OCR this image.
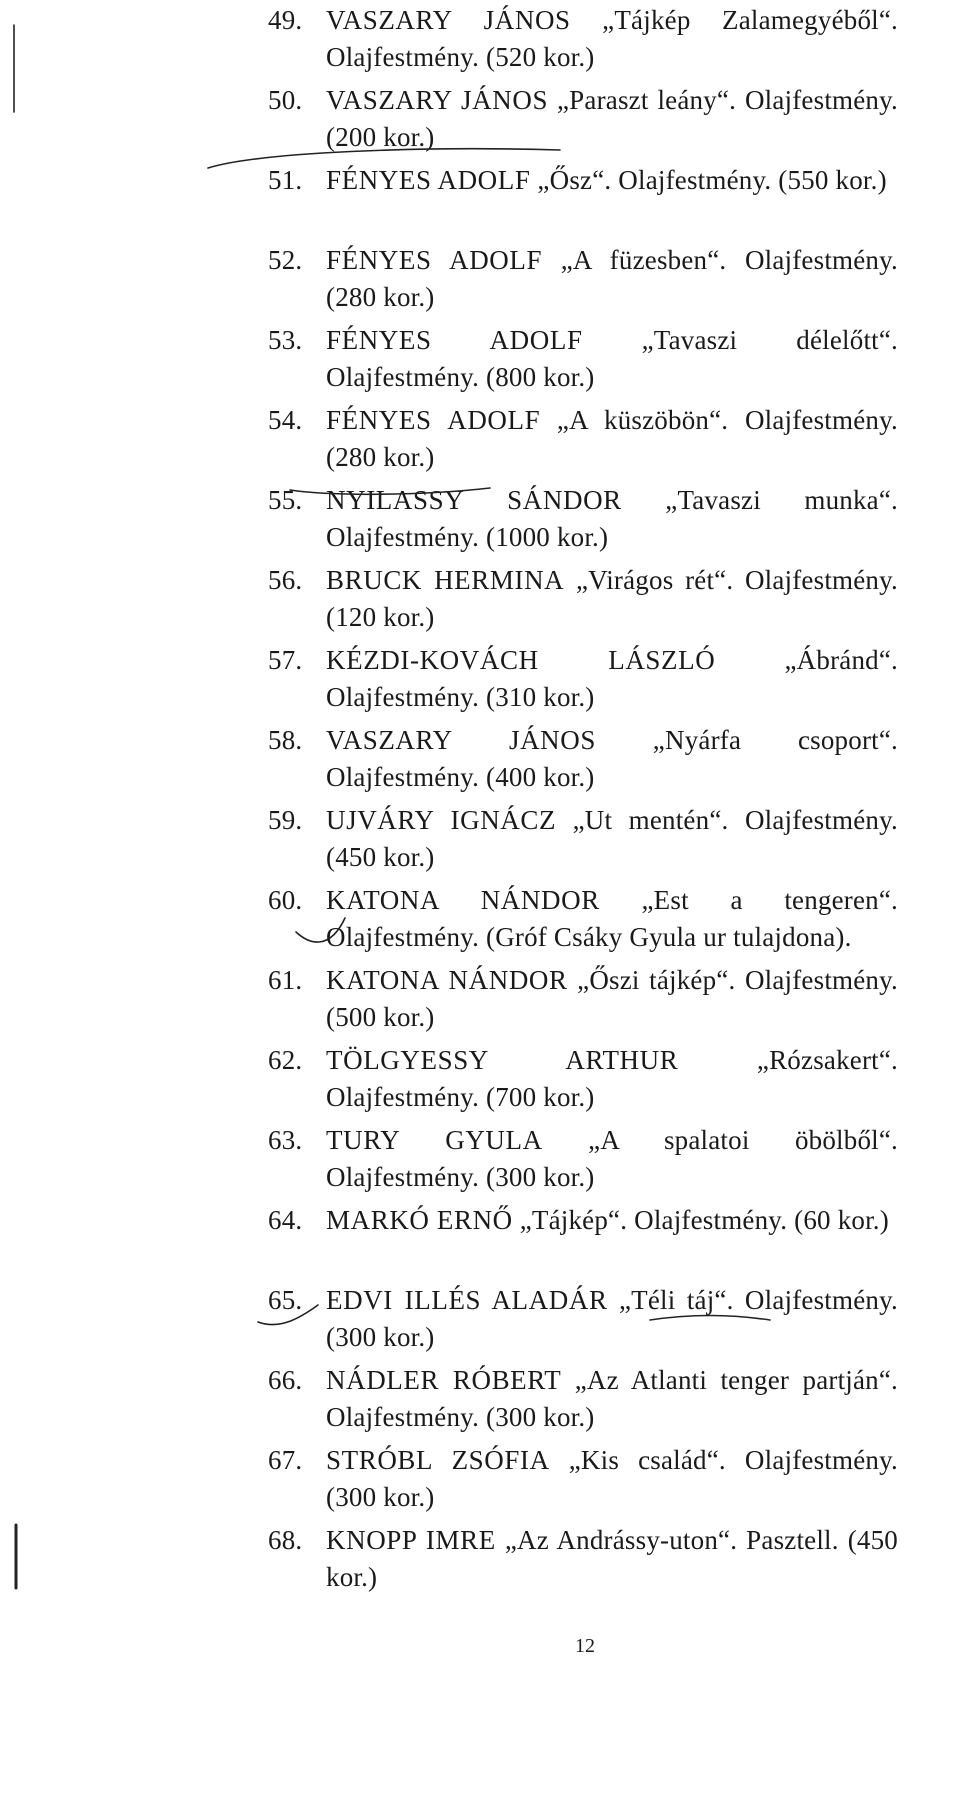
49. VASZARY JÁNOS „Tájkép Zalamegyéből“. Olajfestmény. (520 kor.)
50. VASZARY JÁNOS „Paraszt leány“. Olajfestmény. (200 kor.)
51. FÉNYES ADOLF „Ősz“. Olajfestmény. (550 kor.)
52. FÉNYES ADOLF „A füzesben“. Olajfestmény. (280 kor.)
53. FÉNYES ADOLF „Tavaszi délelőtt“. Olajfestmény. (800 kor.)
54. FÉNYES ADOLF „A küszöbön“. Olajfestmény. (280 kor.)
55. NYILASSY SÁNDOR „Tavaszi munka“. Olajfestmény. (1000 kor.)
56. BRUCK HERMINA „Virágos rét“. Olajfestmény. (120 kor.)
57. KÉZDI-KOVÁCH LÁSZLÓ „Ábránd“. Olajfestmény. (310 kor.)
58. VASZARY JÁNOS „Nyárfa csoport“. Olajfestmény. (400 kor.)
59. UJVÁRY IGNÁCZ „Ut mentén“. Olajfestmény. (450 kor.)
60. KATONA NÁNDOR „Est a tengeren“. Olajfestmény. (Gróf Csáky Gyula ur tulajdona).
61. KATONA NÁNDOR „Őszi tájkép“. Olajfestmény. (500 kor.)
62. TÖLGYESSY ARTHUR „Rózsakert“. Olajfestmény. (700 kor.)
63. TURY GYULA „A spalatoi öbölből“. Olajfestmény. (300 kor.)
64. MARKÓ ERNŐ „Tájkép“. Olajfestmény. (60 kor.)
65. EDVI ILLÉS ALADÁR „Téli táj“. Olajfestmény. (300 kor.)
66. NÁDLER RÓBERT „Az Atlanti tenger partján“. Olajfestmény. (300 kor.)
67. STRÓBL ZSÓFIA „Kis család“. Olajfestmény. (300 kor.)
68. KNOPP IMRE „Az Andrássy-uton“. Pasztell. (450 kor.)
12
